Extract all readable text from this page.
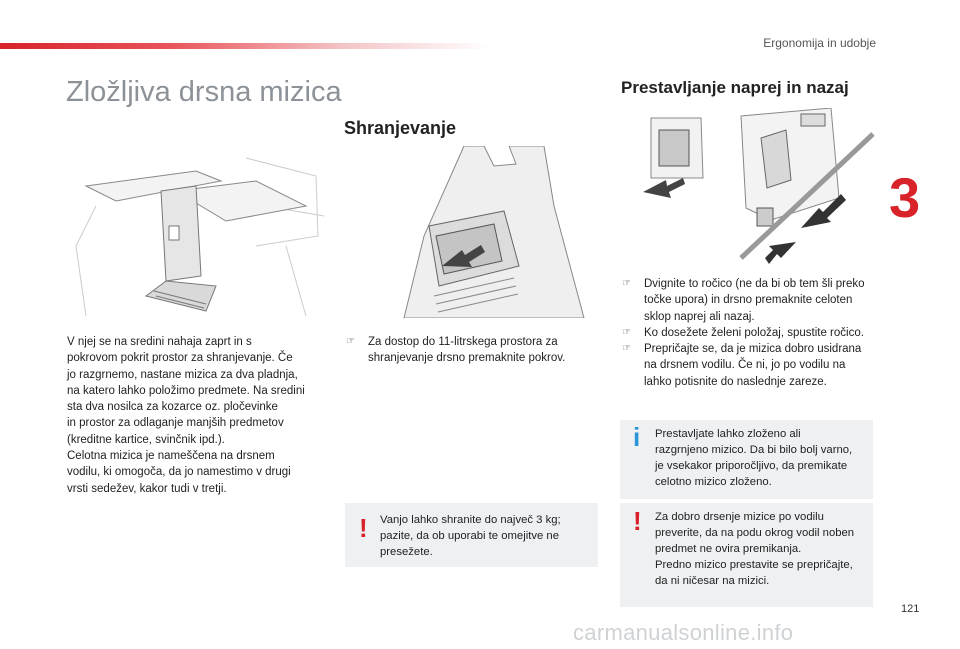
Ergonomija in udobje
3
Zložljiva drsna mizica	Prestavljanje naprej in nazaj
Shranjevanje
V njej se na sredini nahaja zaprt in s
pokrovom pokrit prostor za shranjevanje. Če
jo razgrnemo, nastane mizica za dva pladnja,
na katero lahko položimo predmete. Na sredini
sta dva nosilca za kozarce oz. pločevinke
in prostor za odlaganje manjših predmetov
(kreditne kartice, svinčnik ipd.).
Celotna mizica je nameščena na drsnem
vodilu, ki omogoča, da jo namestimo v drugi
vrsti sedežev, kakor tudi v tretji.
☞ Za dostop do 11-litrskega prostora za
shranjevanje drsno premaknite pokrov.
! Vanjo lahko shranite do največ 3 kg;
pazite, da ob uporabi te omejitve ne
presežete.
☞ Dvignite to ročico (ne da bi ob tem šli preko
točke upora) in drsno premaknite celoten
sklop naprej ali nazaj.
☞ Ko dosežete želeni položaj, spustite ročico.
☞ Prepričajte se, da je mizica dobro usidrana
na drsnem vodilu. Če ni, jo po vodilu na
lahko potisnite do naslednje zareze.
i Prestavljate lahko zloženo ali
razgrnjeno mizico. Da bi bilo bolj varno,
je vsekakor priporočljivo, da premikate
celotno mizico zloženo.
! Za dobro drsenje mizice po vodilu
preverite, da na podu okrog vodil noben
predmet ne ovira premikanja.
Predno mizico prestavite se prepričajte,
da ni ničesar na mizici.
121
carmanualsonline.info
